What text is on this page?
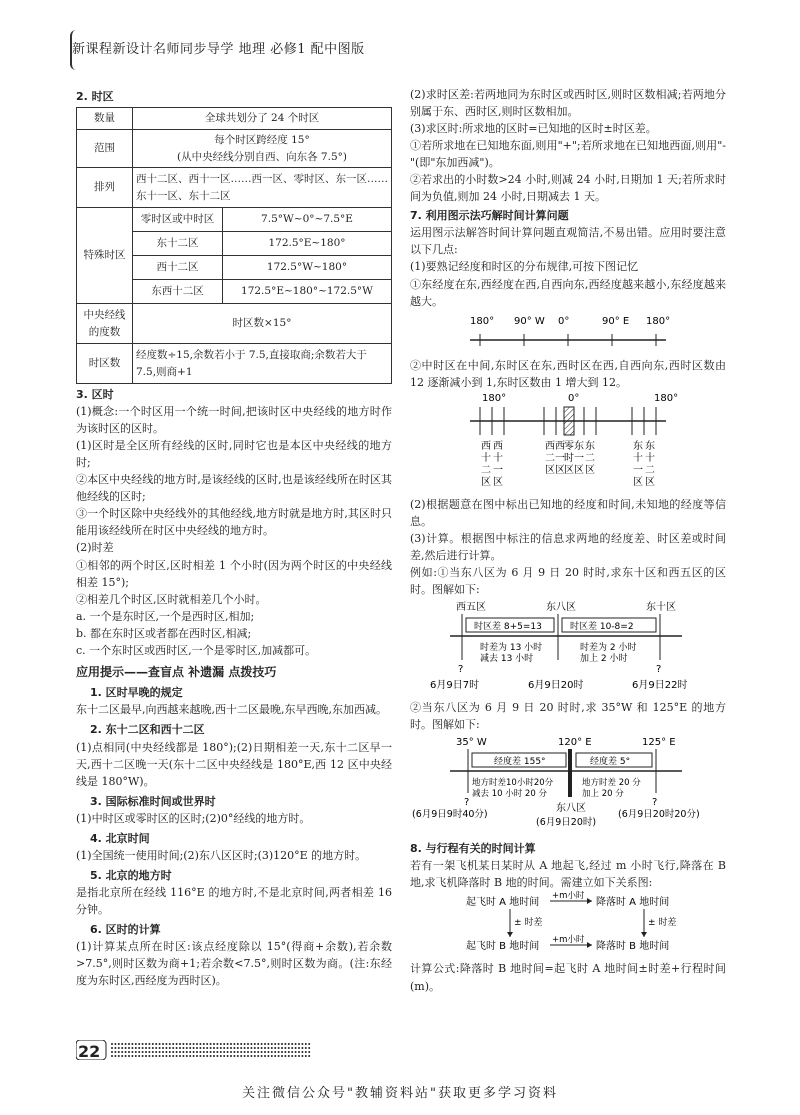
新课程新设计名师同步导学 地理 必修1 配中图版
2. 时区
数量	全球共划分了 24 个时区	
范围	每个时区跨经度 15°
(从中央经线分别自西、向东各 7.5°)	

排列	西十二区、西十一区……西一区、零时区、东一区……东十一区、东十二区	
特殊时区	零时区或中时区	7.5°W~0°~7.5°E
	东十二区	172.5°E~180°
	西十二区	172.5°W~180°
	东西十二区	172.5°E~180°~172.5°W
中央经线的度数	时区数×15°	
时区数	经度数÷15,余数若小于 7.5,直接取商;余数若大于 7.5,则商+1	
3. 区时

(1)概念:一个时区用一个统一时间,把该时区中央经线的地方时作为该时区的区时。

(1)区时是全区所有经线的区时,同时它也是本区中央经线的地方时;

②本区中央经线的地方时,是该经线的区时,也是该经线所在时区其他经线的区时;

③一个时区除中央经线外的其他经线,地方时就是地方时,其区时只能用该经线所在时区中央经线的地方时。

(2)时差

①相邻的两个时区,区时相差 1 个小时(因为两个时区的中央经线相差 15°);

②相差几个时区,区时就相差几个小时。

a. 一个是东时区,一个是西时区,相加;

b. 都在东时区或者都在西时区,相减;

c. 一个东时区或西时区,一个是零时区,加减都可。

应用提示——查盲点 补遗漏 点拨技巧
1. 区时早晚的规定

东十二区最早,向西越来越晚,西十二区最晚,东早西晚,东加西减。

2. 东十二区和西十二区

(1)点相同(中央经线都是 180°);(2)日期相差一天,东十二区早一天,西十二区晚一天(东十二区中央经线是 180°E,西 12 区中央经线是 180°W)。

3. 国际标准时间或世界时

(1)中时区或零时区的区时;(2)0°经线的地方时。

4. 北京时间

(1)全国统一使用时间;(2)东八区区时;(3)120°E 的地方时。

5. 北京的地方时

是指北京所在经线 116°E 的地方时,不是北京时间,两者相差 16 分钟。

6. 区时的计算

(1)计算某点所在时区:该点经度除以 15°(得商+余数),若余数>7.5°,则时区数为商+1;若余数<7.5°,则时区数为商。(注:东经度为东时区,西经度为西时区)。

(2)求时区差:若两地同为东时区或西时区,则时区数相减;若两地分别属于东、西时区,则时区数相加。

(3)求区时:所求地的区时=已知地的区时±时区差。

①若所求地在已知地东面,则用"+";若所求地在已知地西面,则用"-"(即"东加西减")。

②若求出的小时数>24 小时,则减 24 小时,日期加 1 天;若所求时间为负值,则加 24 小时,日期减去 1 天。

7. 利用图示法巧解时间计算问题

运用图示法解答时间计算问题直观简洁,不易出错。应用时要注意以下几点:

(1)要熟记经度和时区的分布规律,可按下图记忆

①东经度在东,西经度在西,自西向东,西经度越来越小,东经度越来越大。

180° 90° W 0°	90° E 180°

②中时区在中间,东时区在东,西时区在西,自西向东,西时区数由 12 逐渐减小到 1,东时区数由 1 增大到 12。

180°	0°	180°
西十二区
西十一区
西二区
西一区
零时区
东一区
东二区
东十一区
东十二区

(2)根据题意在图中标出已知地的经度和时间,未知地的经度等信息。

(3)计算。根据图中标注的信息求两地的经度差、时区差或时间差,然后进行计算。

例如:①当东八区为 6 月 9 日 20 时时,求东十区和西五区的区时。图解如下:

西五区	东八区	东十区
时区差 8+5=13	时区差 10-8=2
时差为 13 小时
减去 13 小时
时差为 2 小时
加上 2 小时
?	?
6月9日7时	6月9日20时	6月9日22时

②当东八区为 6 月 9 日 20 时时,求 35°W 和 125°E 的地方时。图解如下:

35° W	120° E	125° E
经度差 155°	经度差 5°
地方时差10小时20分
减去 10 小时 20 分
地方时差 20 分
加上 20 分
?	?
东八区
(6月9日20时)
(6月9日9时40分)	(6月9日20时20分)
8. 与行程有关的时间计算

若有一架飞机某日某时从 A 地起飞,经过 m 小时飞行,降落在 B 地,求飞机降落时 B 地的时间。需建立如下关系图:

起飞时 A 地时间	降落时 A 地时间
起飞时 B 地时间	降落时 B 地时间
+m小时
+m小时
± 时差	± 时差

计算公式:降落时 B 地时间=起飞时 A 地时间±时差+行程时间(m)。

22
关注微信公众号"教辅资料站"获取更多学习资料
